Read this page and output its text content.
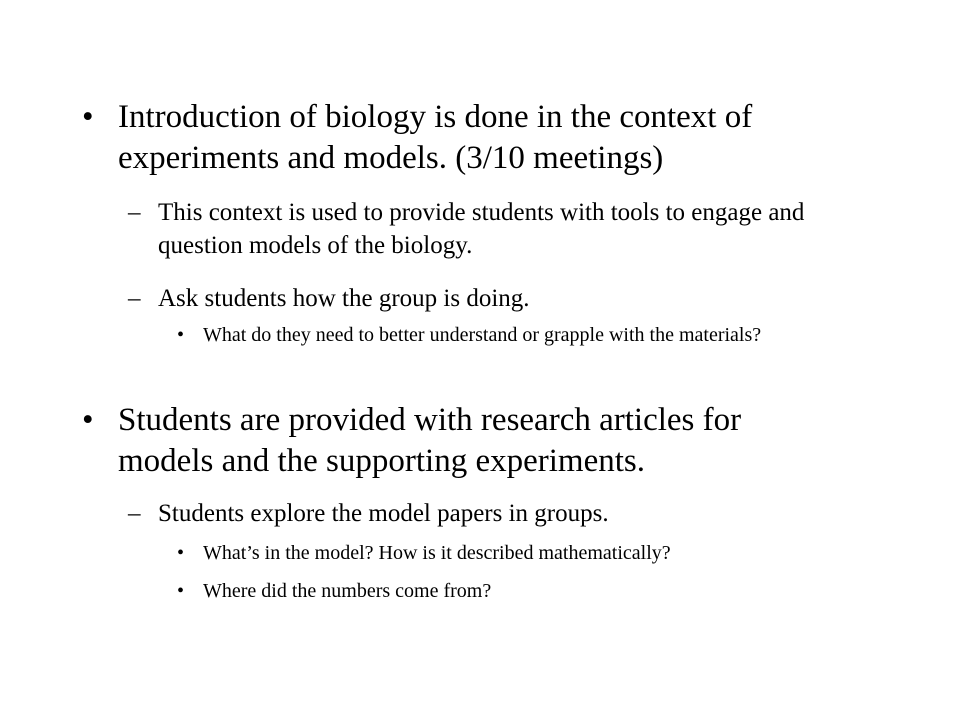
• Introduction of biology is done in the context of experiments and models. (3/10 meetings)
– This context is used to provide students with tools to engage and question models of the biology.
– Ask students how the group is doing.
• What do they need to better understand or grapple with the materials?
• Students are provided with research articles for models and the supporting experiments.
– Students explore the model papers in groups.
• What’s in the model? How is it described mathematically?
• Where did the numbers come from?
